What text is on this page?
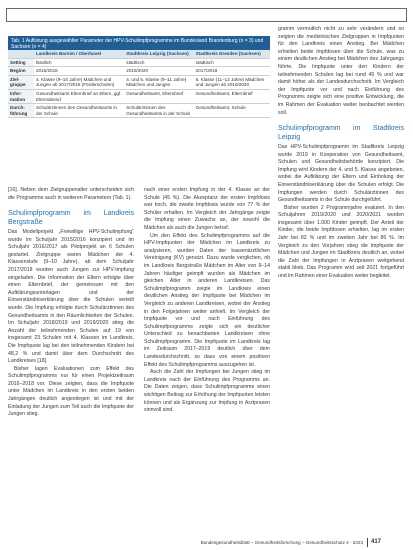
Tab. 1 Auflistung ausgewählter Parameter der HPV-Schulimpfprogramme im Bundesland Brandenburg (n = 3) und Sachsen (n = 4)
	Landkreis Barnim / Oberhavel	Stadtkreis Leipzig (Sachsen)	Stadtkreis Dresden (Sachsen)
Setting	ländlich	städtisch	städtisch
Beginn	2015/2016	2019/2020	2017/2018
Ziel-gruppe	4. Klasse (9–10 Jahre) Mädchen und Jungen ab 2017/2018 (Förderschulen)	4. und 5. Klasse (9–11 Jahre) Mädchen und Jungen	5. Klasse (11–12 Jahre) Mädchen und Jungen ab 2019/2020
Infor-mation	Gesundheitsamt Elternbrief an Eltern, ggf. Elternabend	Gesundheitsamt, Elternbrief	Gesundheitsamt, Elternbrief
Durch-führung	Schulärztinnen des Gesundheitsamts in der Schule	Schulärztinnen des Gesundheitsamts in der Schule	Gesundheitsamt, Schule

[16]. Neben dem Zielgruppenalter unterscheiden sich die Programme auch in weiteren Parametern (Tab. 1).

Schulimpfprogramm im Landkreis Bergstraße

Das Modellprojekt „Freiwillige HPV-Schulimpfung“ wurde im Schuljahr 2015/2016 konzipiert und im Schuljahr 2016/2017 als Pilotprojekt an 6 Schulen gestartet. Zielgruppe waren Mädchen der 4. Klassenstufe (9–10 Jahre), ab dem Schuljahr 2017/2018 wurden auch Jungen zur HPV-Impfung eingeladen. Die Information der Eltern erfolgte über einen Elternbrief, der gemeinsam mit den Aufklärungsunterlagen und der Einverständniserklärung über die Schulen verteilt wurde. Die Impfung erfolgte durch Schulärztinnen des Gesundheitsamts in den Räumlichkeiten der Schulen. Im Schuljahr 2018/2019 und 2019/2020 stieg die Anzahl der teilnehmenden Schulen auf 19 von insgesamt 23 Schulen mit 4. Klassen im Landkreis. Die Impfquote lag bei den teilnehmenden Kindern bei 48,2 % und damit über dem Durchschnitt des Landkreises [18].

Bisher lagen Evaluationen zum Effekt des Schulimpfprogramms nur für einen Projektzeitraum 2016–2018 vor. Diese zeigten, dass die Impfquote unter Mädchen im Landkreis in den ersten beiden Jahrgängen deutlich angestiegen ist und mit der Einladung der Jungen zum Teil auch die Impfquote der Jungen stieg.

nach einer ersten Impfung in der 4. Klasse an der Schule (45 %). Die Akzeptanz der ersten Impfdosis war hoch, die zweite Impfdosis wurde von 77 % der Schüler erhalten. Im Vergleich der Jahrgänge zeigte die Impfung einen Zuwachs an, der sowohl die Mädchen als auch die Jungen betraf.

Um den Effekt des Schulimpfprogramms auf die HPV-Impfquoten der Mädchen im Landkreis zu analysieren, wurden Daten der kassenärztlichen Vereinigung (KV) genutzt. Dazu wurde verglichen, ob im Landkreis Bergstraße Mädchen im Alter von 9–14 Jahren häufiger geimpft wurden als Mädchen im gleichen Alter in anderen Landkreisen. Das Schulimpfprogramm zeigte im Landkreis einen deutlichen Anstieg der Impfquote bei Mädchen im Vergleich zu anderen Landkreisen, wobei der Anstieg in den Folgejahren weiter anhielt. Im Vergleich der Impfquote vor und nach Einführung des Schulimpfprogramms zeigte sich ein deutlicher Unterschied zu benachbarten Landkreisen ohne Schulimpfprogramm. Die Impfquote im Landkreis lag im Zeitraum 2017–2019 deutlich über dem Landesdurchschnitt, so dass von einem positiven Effekt des Schulimpfprogramms auszugehen ist.

Auch die Zahl der Impfungen bei Jungen stieg im Landkreis nach der Einführung des Programms an. Die Daten zeigen, dass Schulimpfprogramme einen wichtigen Beitrag zur Erhöhung der Impfquoten leisten können und als Ergänzung zur Impfung in Arztpraxen sinnvoll sind.

gramm vermutlich nicht zu sehr verändern und so zeigten die medizinischen Zielgruppen in Impfquoten für den Landkreis einen Anstieg. Bei Mädchen erhielten beide Impfdosen über die Schule, was zu einem deutlichen Anstieg bei Mädchen des Jahrgangs führte. Die Impfquote unter den Kindern der teilnehmenden Schulen lag bei rund 45 % und war damit höher als der Landesdurchschnitt. Im Vergleich der Impfquote vor und nach Einführung des Programms zeigte sich eine positive Entwicklung, die im Rahmen der Evaluation weiter beobachtet werden soll.

Schulimpfprogramm im Stadtkreis Leipzig

Das HPV-Schulimpfprogramm im Stadtkreis Leipzig wurde 2019 in Kooperation von Gesundheitsamt, Schulen und Gesundheitsbehörde konzipiert. Die Impfung wird Kindern der 4. und 5. Klasse angeboten, wobei die Aufklärung der Eltern und Einholung der Einverständniserklärung über die Schulen erfolgt. Die Impfungen werden durch Schulärztinnen des Gesundheitsamts in der Schule durchgeführt.

Bisher wurden 2 Programmjahre evaluiert. In den Schuljahren 2019/2020 und 2020/2021 wurden insgesamt über 1.000 Kinder geimpft. Der Anteil der Kinder, die beide Impfdosen erhielten, lag im ersten Jahr bei 82 % und im zweiten Jahr bei 86 %. Im Vergleich zu den Vorjahren stieg die Impfquote der Mädchen und Jungen im Stadtkreis deutlich an, wobei die Zahl der Impfungen in Arztpraxen weitgehend stabil blieb. Das Programm wird seit 2021 fortgeführt und im Rahmen einer Evaluation weiter begleitet.

Bundesgesundheitsblatt – Gesundheitsforschung – Gesundheitsschutz 4 · 2023 417
